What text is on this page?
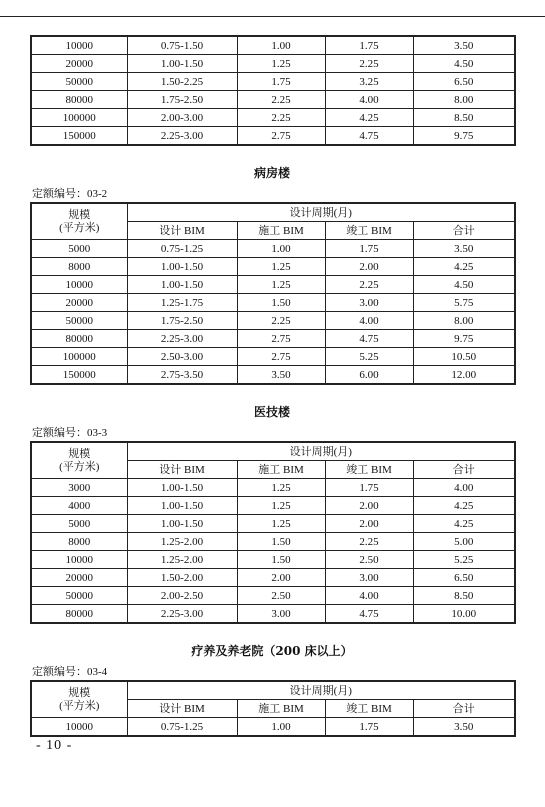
10000	0.75-1.50	1.00	1.75	3.50
20000	1.00-1.50	1.25	2.25	4.50
50000	1.50-2.25	1.75	3.25	6.50
80000	1.75-2.50	2.25	4.00	8.00
100000	2.00-3.00	2.25	4.25	8.50
150000	2.25-3.00	2.75	4.75	9.75
病房楼
定额编号：03-2
规模
(平方米)	设计周期(月)			
	设计 BIM	施工 BIM	竣工 BIM	合计
5000	0.75-1.25	1.00	1.75	3.50
8000	1.00-1.50	1.25	2.00	4.25
10000	1.00-1.50	1.25	2.25	4.50
20000	1.25-1.75	1.50	3.00	5.75
50000	1.75-2.50	2.25	4.00	8.00
80000	2.25-3.00	2.75	4.75	9.75
100000	2.50-3.00	2.75	5.25	10.50
150000	2.75-3.50	3.50	6.00	12.00
医技楼
定额编号：03-3
规模
(平方米)	设计周期(月)			
	设计 BIM	施工 BIM	竣工 BIM	合计
3000	1.00-1.50	1.25	1.75	4.00
4000	1.00-1.50	1.25	2.00	4.25
5000	1.00-1.50	1.25	2.00	4.25
8000	1.25-2.00	1.50	2.25	5.00
10000	1.25-2.00	1.50	2.50	5.25
20000	1.50-2.00	2.00	3.00	6.50
50000	2.00-2.50	2.50	4.00	8.50
80000	2.25-3.00	3.00	4.75	10.00
疗养及养老院（200 床以上）
定额编号：03-4
规模
(平方米)	设计周期(月)			
	设计 BIM	施工 BIM	竣工 BIM	合计
10000	0.75-1.25	1.00	1.75	3.50
- 10 -
